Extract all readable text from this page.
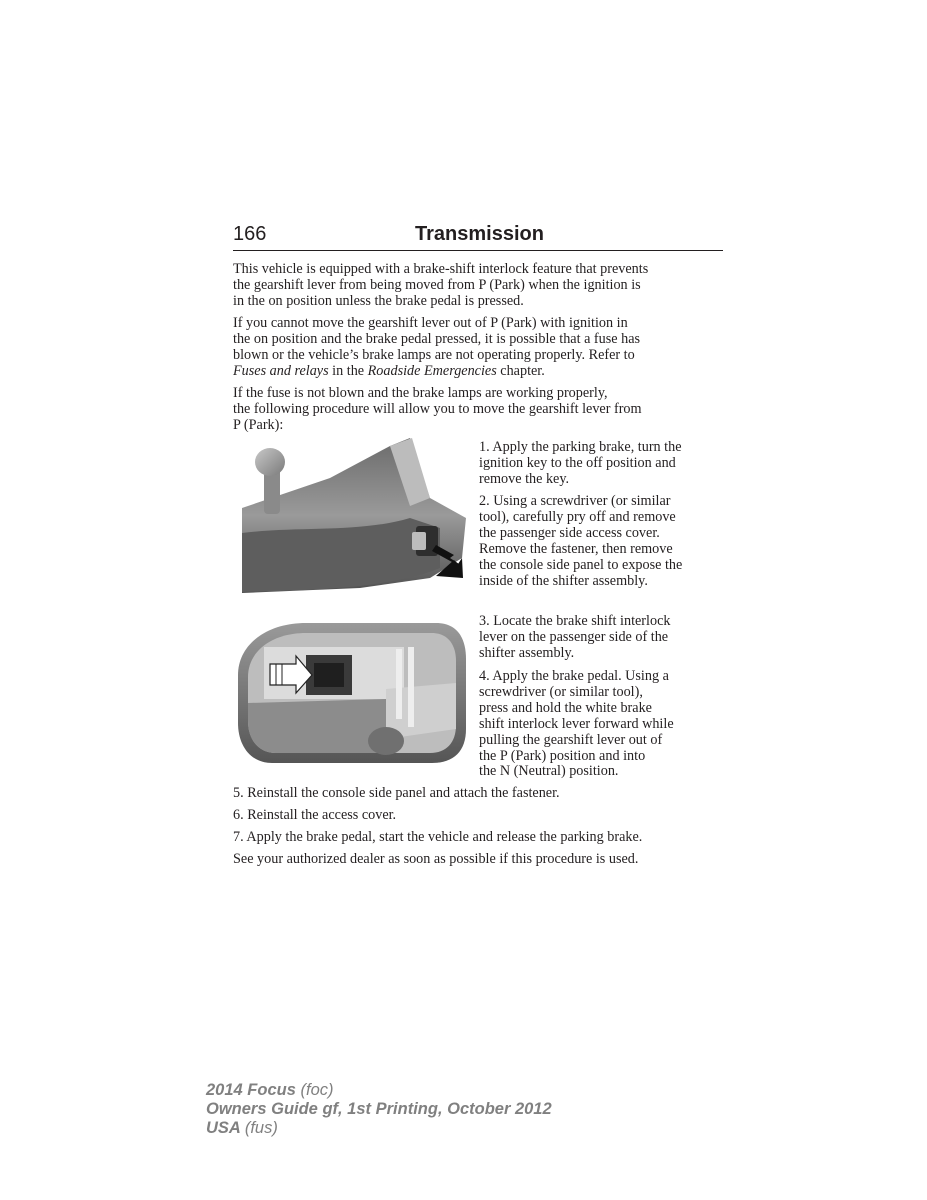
166	Transmission

This vehicle is equipped with a brake-shift interlock feature that prevents
the gearshift lever from being moved from P (Park) when the ignition is
in the on position unless the brake pedal is pressed.

If you cannot move the gearshift lever out of P (Park) with ignition in
the on position and the brake pedal pressed, it is possible that a fuse has
blown or the vehicle’s brake lamps are not operating properly. Refer to
Fuses and relays in the Roadside Emergencies chapter.

If the fuse is not blown and the brake lamps are working properly,
the following procedure will allow you to move the gearshift lever from
P (Park):

1. Apply the parking brake, turn the
ignition key to the off position and
remove the key.
2. Using a screwdriver (or similar
tool), carefully pry off and remove
the passenger side access cover.
Remove the fastener, then remove
the console side panel to expose the
inside of the shifter assembly.
3. Locate the brake shift interlock
lever on the passenger side of the
shifter assembly.
4. Apply the brake pedal. Using a
screwdriver (or similar tool),
press and hold the white brake
shift interlock lever forward while
pulling the gearshift lever out of
the P (Park) position and into
the N (Neutral) position.

5. Reinstall the console side panel and attach the fastener.

6. Reinstall the access cover.

7. Apply the brake pedal, start the vehicle and release the parking brake.

See your authorized dealer as soon as possible if this procedure is used.

2014 Focus (foc)
Owners Guide gf, 1st Printing, October 2012
USA (fus)
